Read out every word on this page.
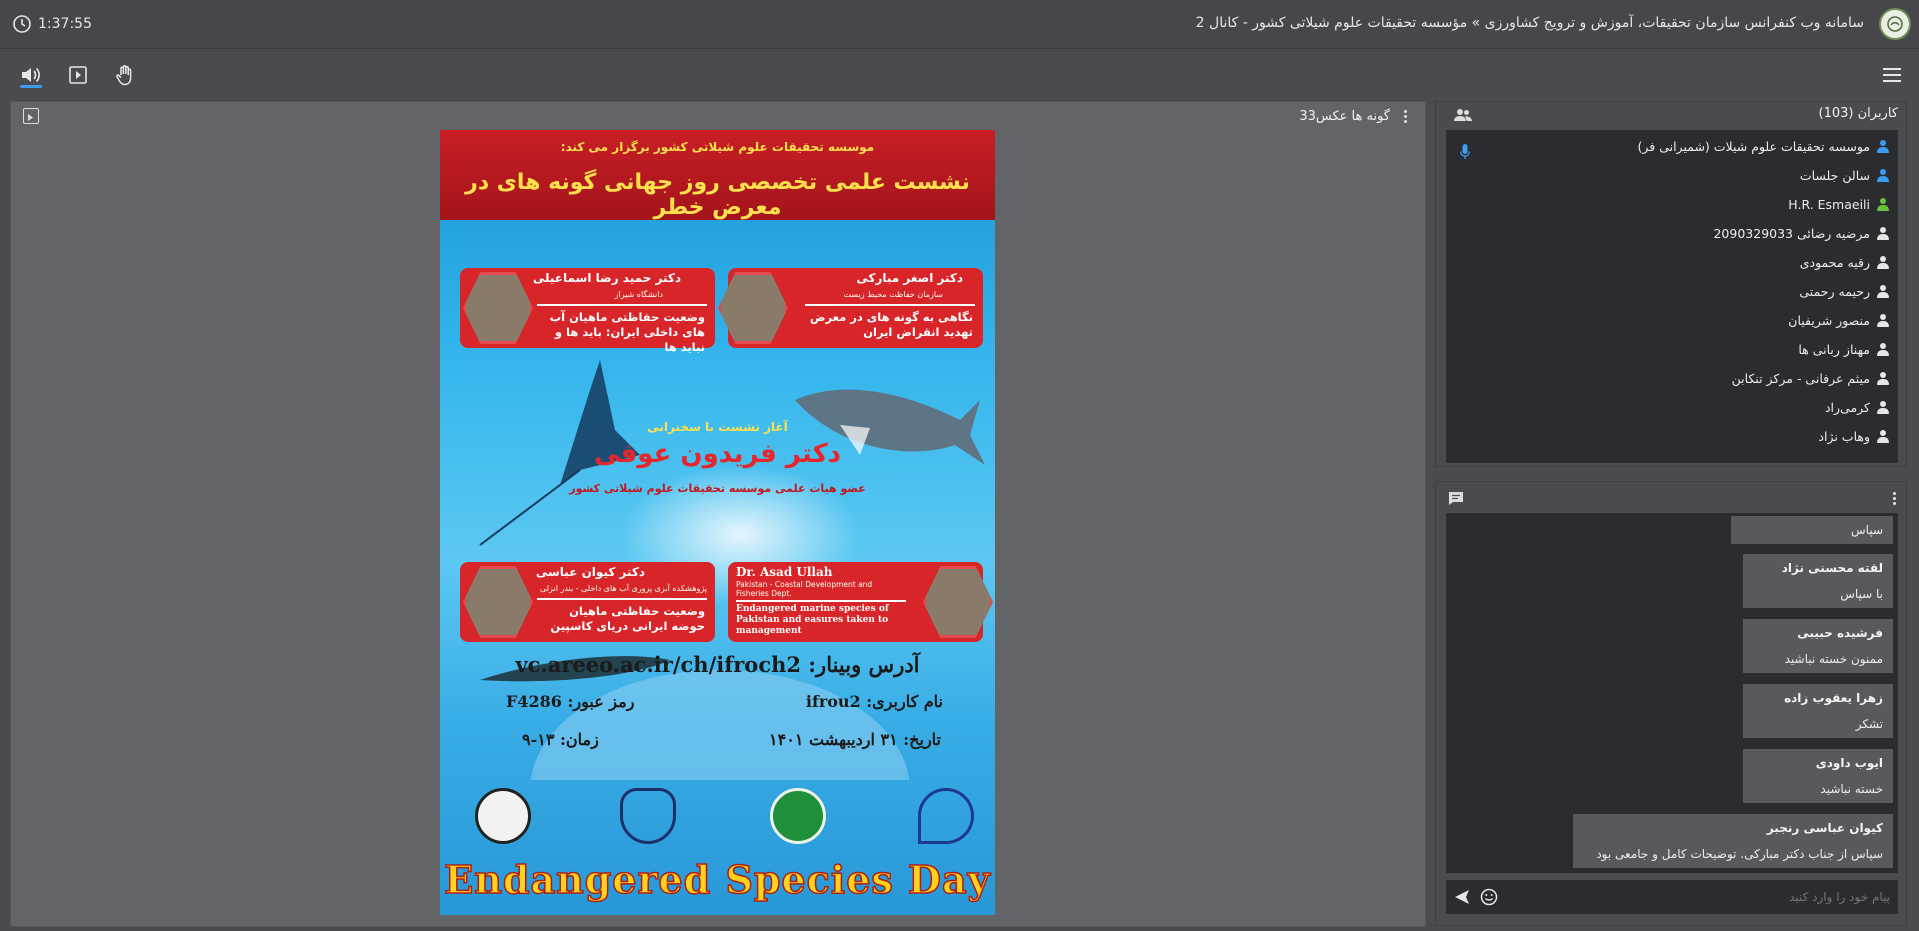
1:37:55	سامانه وب کنفرانس سازمان تحقیقات، آموزش و ترویج کشاورزی » مؤسسه تحقیقات علوم شیلاتی کشور - کانال 2
گونه ها عکس33
موسسه تحقیقات علوم شیلاتی کشور برگزار می کند:
نشست علمی تخصصی روز جهانی گونه های در معرض خطر
دکتر حمید رضا اسماعیلی
دانشگاه شیراز
وضعیت حفاظتی ماهیان آب های داخلی ایران: باید ها و نباید ها
دکتر اصغر مبارکی
سازمان حفاظت محیط زیست
نگاهی به گونه های در معرض تهدید انقراض ایران
آغاز نشست با سخنرانی
دکتر فریدون عوفی
عضو هیات علمی موسسه تحقیقات علوم شیلاتی کشور
دکتر کیوان عباسی
پژوهشکده آبزی پروری آب های داخلی - بندر انزلی
وضعیت حفاظتی ماهیان حوضه ایرانی دریای کاسپین
Dr. Asad Ullah
Pakistan - Coastal Development and Fisheries Dept.
Endangered marine species of Pakistan and easures taken to management
آدرس وبینار: vc.areeo.ac.ir/ch/ifroch2
نام کاربری: ifrou2
رمز عبور: F4286
تاریخ: ۳۱ اردیبهشت ۱۴۰۱
زمان: ۱۳-۹
Endangered Species Day
کاربران (103)
موسسه تحقیقات علوم شیلات (شمیرانی فر)
سالن جلسات
H.R. Esmaeili
مرضیه رضائی 2090329033
رقیه محمودی
رحیمه رحمتی
منصور شریفیان
مهناز ربانی ها
میثم عرفانی - مرکز تنکابن
کرمی‌راد
وهاب نژاد
سپاس
لقته محسنی نژاد
با سپاس
فرشیده حبیبی
ممنون خسته نباشید
زهرا یعقوب زاده
تشکر
ایوب داودی
خسته نباشید
کیوان عباسی رنجبر
سپاس از جناب دکتر مبارکی. توضیحات کامل و جامعی بود
پیام خود را وارد کنید
